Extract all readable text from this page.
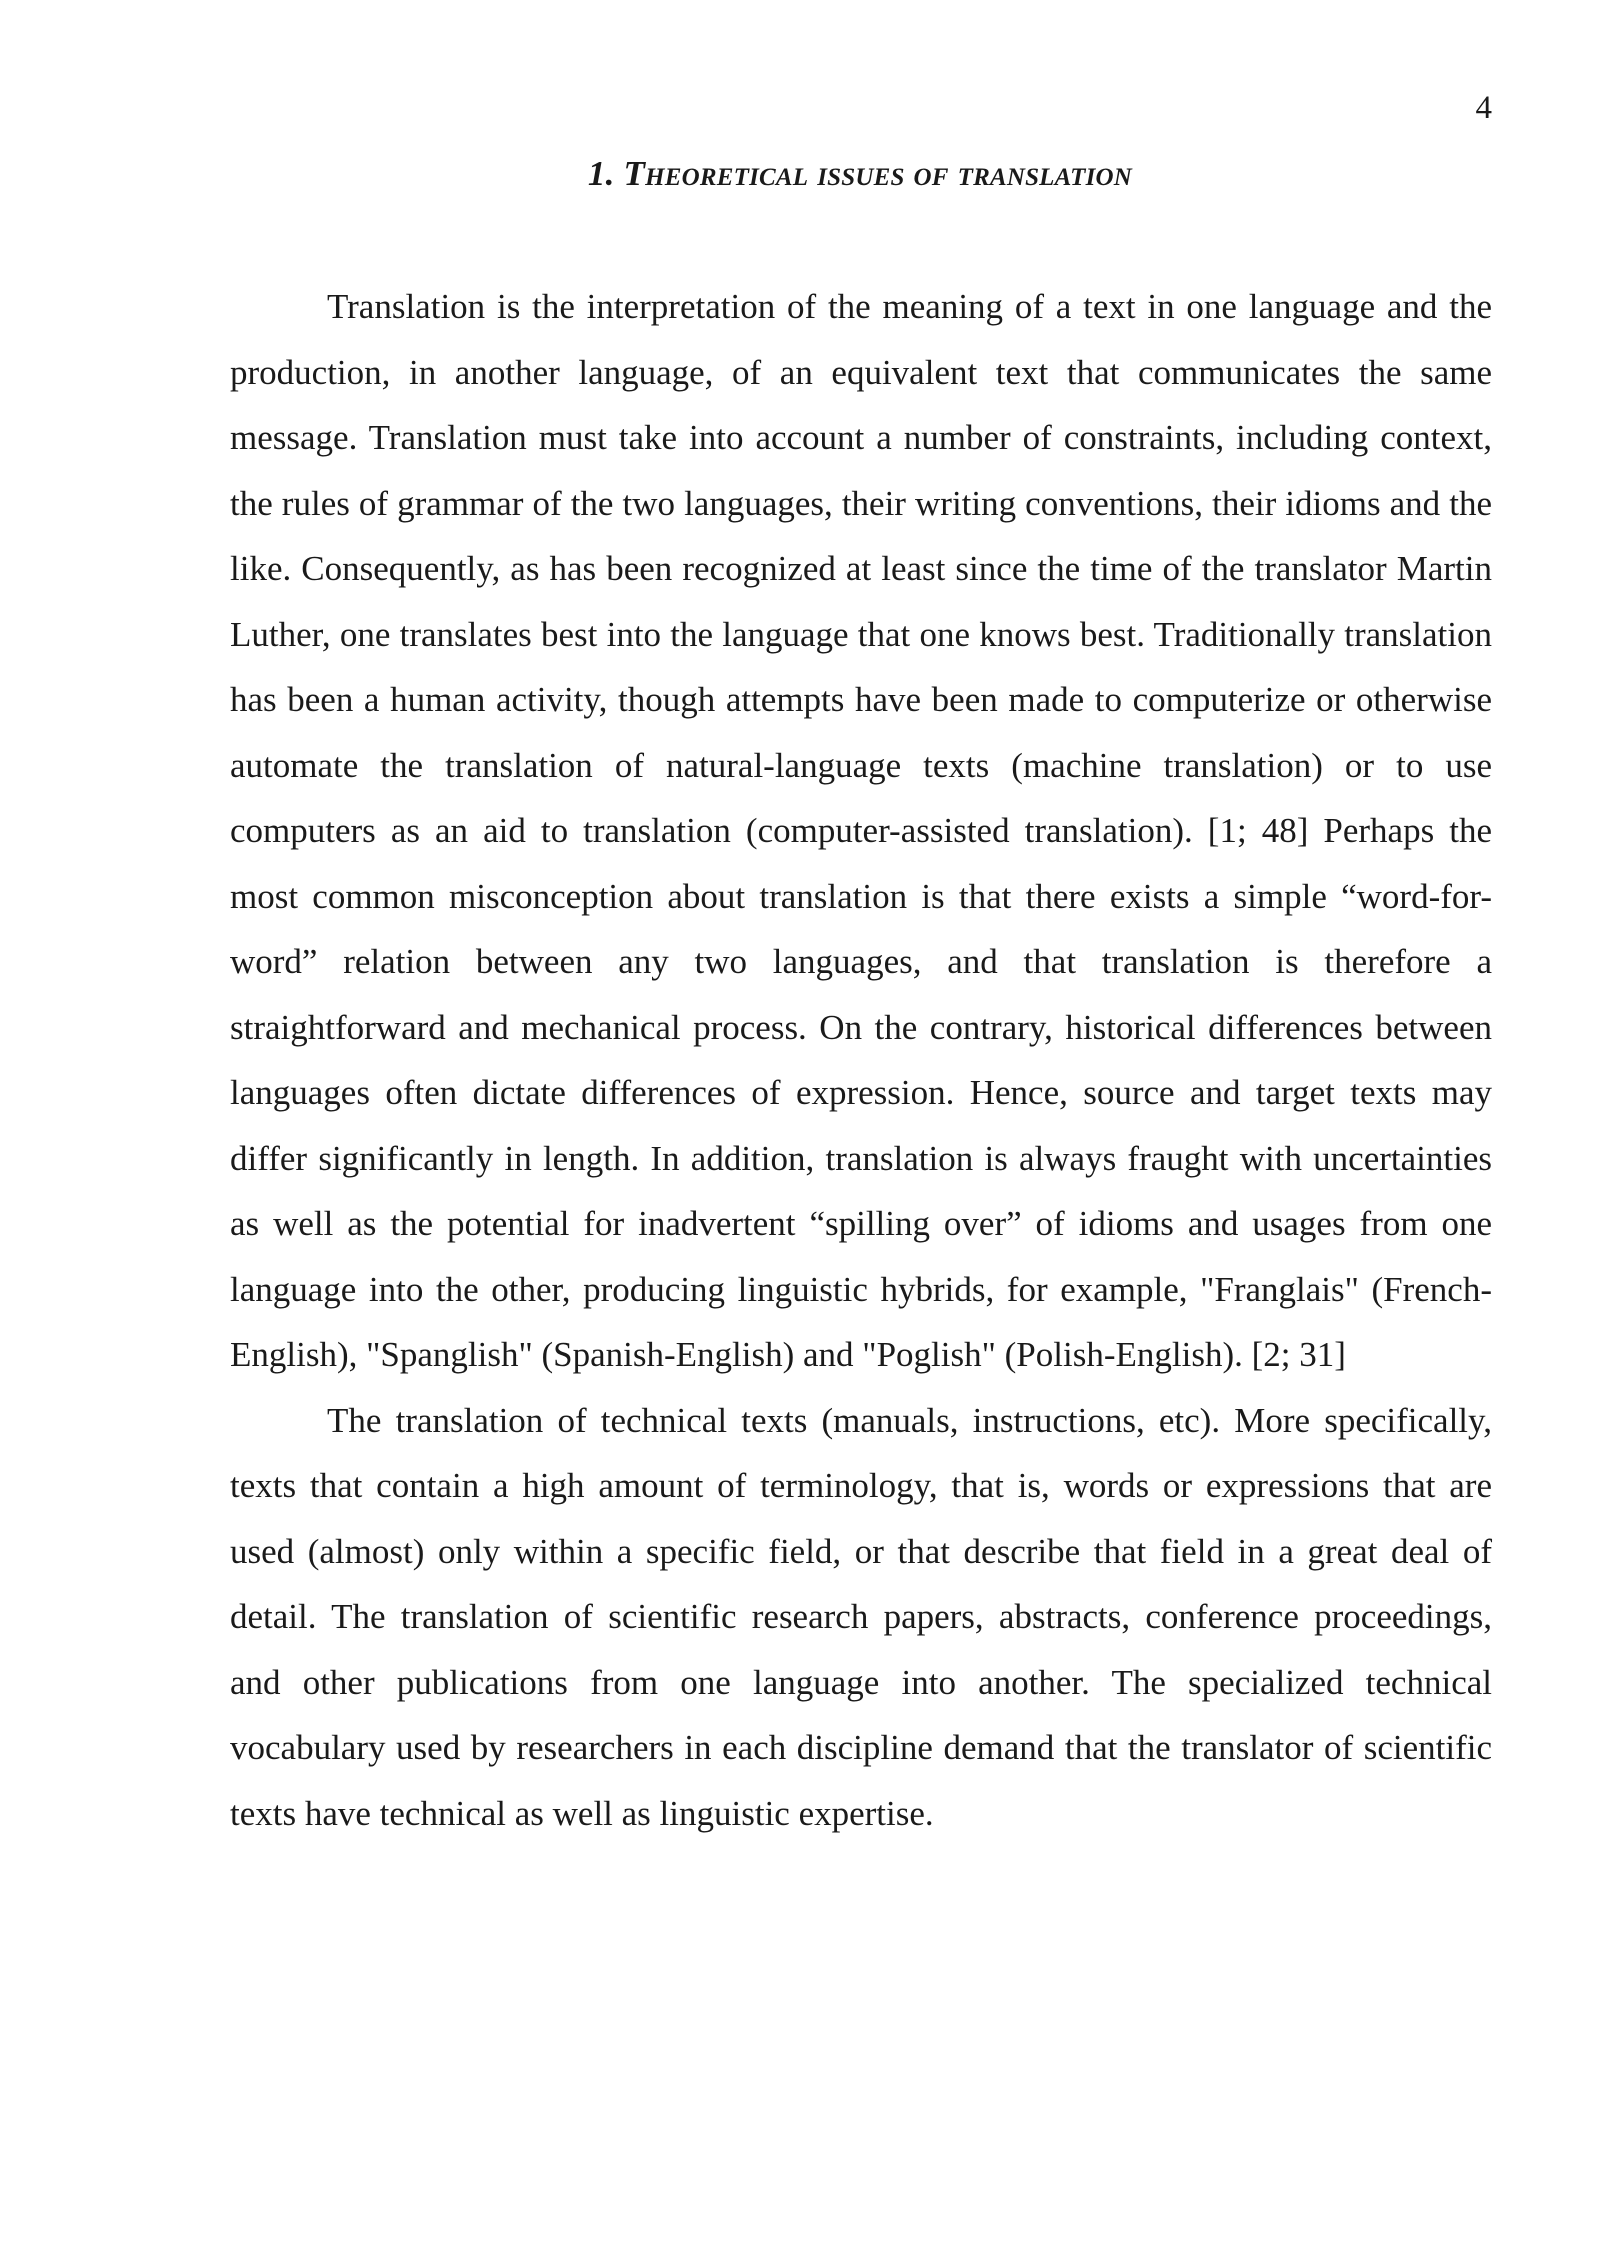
4
1. Theoretical issues of translation

Translation is the interpretation of the meaning of a text in one language and the production, in another language, of an equivalent text that communicates the same message. Translation must take into account a number of constraints, including context, the rules of grammar of the two languages, their writing conventions, their idioms and the like. Consequently, as has been recognized at least since the time of the translator Martin Luther, one translates best into the language that one knows best. Traditionally translation has been a human activity, though attempts have been made to computerize or otherwise automate the translation of natural-language texts (machine translation) or to use computers as an aid to translation (computer-assisted translation). [1; 48] Perhaps the most common misconception about translation is that there exists a simple “word-for-word” relation between any two languages, and that translation is therefore a straightforward and mechanical process. On the contrary, historical differences between languages often dictate differences of expression. Hence, source and target texts may differ significantly in length. In addition, translation is always fraught with uncertainties as well as the potential for inadvertent “spilling over” of idioms and usages from one language into the other, producing linguistic hybrids, for example, "Franglais" (French-English), "Spanglish" (Spanish-English) and "Poglish" (Polish-English). [2; 31]

The translation of technical texts (manuals, instructions, etc). More specifically, texts that contain a high amount of terminology, that is, words or expressions that are used (almost) only within a specific field, or that describe that field in a great deal of detail. The translation of scientific research papers, abstracts, conference proceedings, and other publications from one language into another. The specialized technical vocabulary used by researchers in each discipline demand that the translator of scientific texts have technical as well as linguistic expertise.
